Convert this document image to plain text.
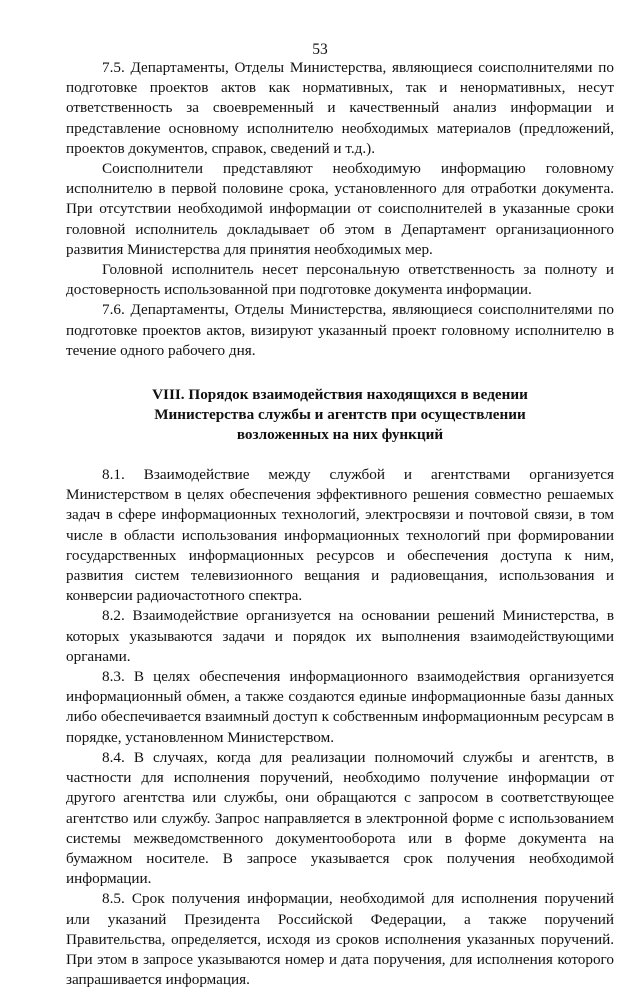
53

7.5. Департаменты, Отделы Министерства, являющиеся соисполнителями по подготовке проектов актов как нормативных, так и ненормативных, несут ответственность за своевременный и качественный анализ информации и представление основному исполнителю необходимых материалов (предложений, проектов документов, справок, сведений и т.д.).

Соисполнители представляют необходимую информацию головному исполнителю в первой половине срока, установленного для отработки документа. При отсутствии необходимой информации от соисполнителей в указанные сроки головной исполнитель докладывает об этом в Департамент организационного развития Министерства для принятия необходимых мер.

Головной исполнитель несет персональную ответственность за полноту и достоверность использованной при подготовке документа информации.

7.6. Департаменты, Отделы Министерства, являющиеся соисполнителями по подготовке проектов актов, визируют указанный проект головному исполнителю в течение одного рабочего дня.

VIII. Порядок взаимодействия находящихся в ведении
Министерства службы и агентств при осуществлении
возложенных на них функций

8.1. Взаимодействие между службой и агентствами организуется Министерством в целях обеспечения эффективного решения совместно решаемых задач в сфере информационных технологий, электросвязи и почтовой связи, в том числе в области использования информационных технологий при формировании государственных информационных ресурсов и обеспечения доступа к ним, развития систем телевизионного вещания и радиовещания, использования и конверсии радиочастотного спектра.

8.2. Взаимодействие организуется на основании решений Министерства, в которых указываются задачи и порядок их выполнения взаимодействующими органами.

8.3. В целях обеспечения информационного взаимодействия организуется информационный обмен, а также создаются единые информационные базы данных либо обеспечивается взаимный доступ к собственным информационным ресурсам в порядке, установленном Министерством.

8.4. В случаях, когда для реализации полномочий службы и агентств, в частности для исполнения поручений, необходимо получение информации от другого агентства или службы, они обращаются с запросом в соответствующее агентство или службу. Запрос направляется в электронной форме с использованием системы межведомственного документооборота или в форме документа на бумажном носителе. В запросе указывается срок получения необходимой информации.

8.5. Срок получения информации, необходимой для исполнения поручений или указаний Президента Российской Федерации, а также поручений Правительства, определяется, исходя из сроков исполнения указанных поручений. При этом в запросе указываются номер и дата поручения, для исполнения которого запрашивается информация.
